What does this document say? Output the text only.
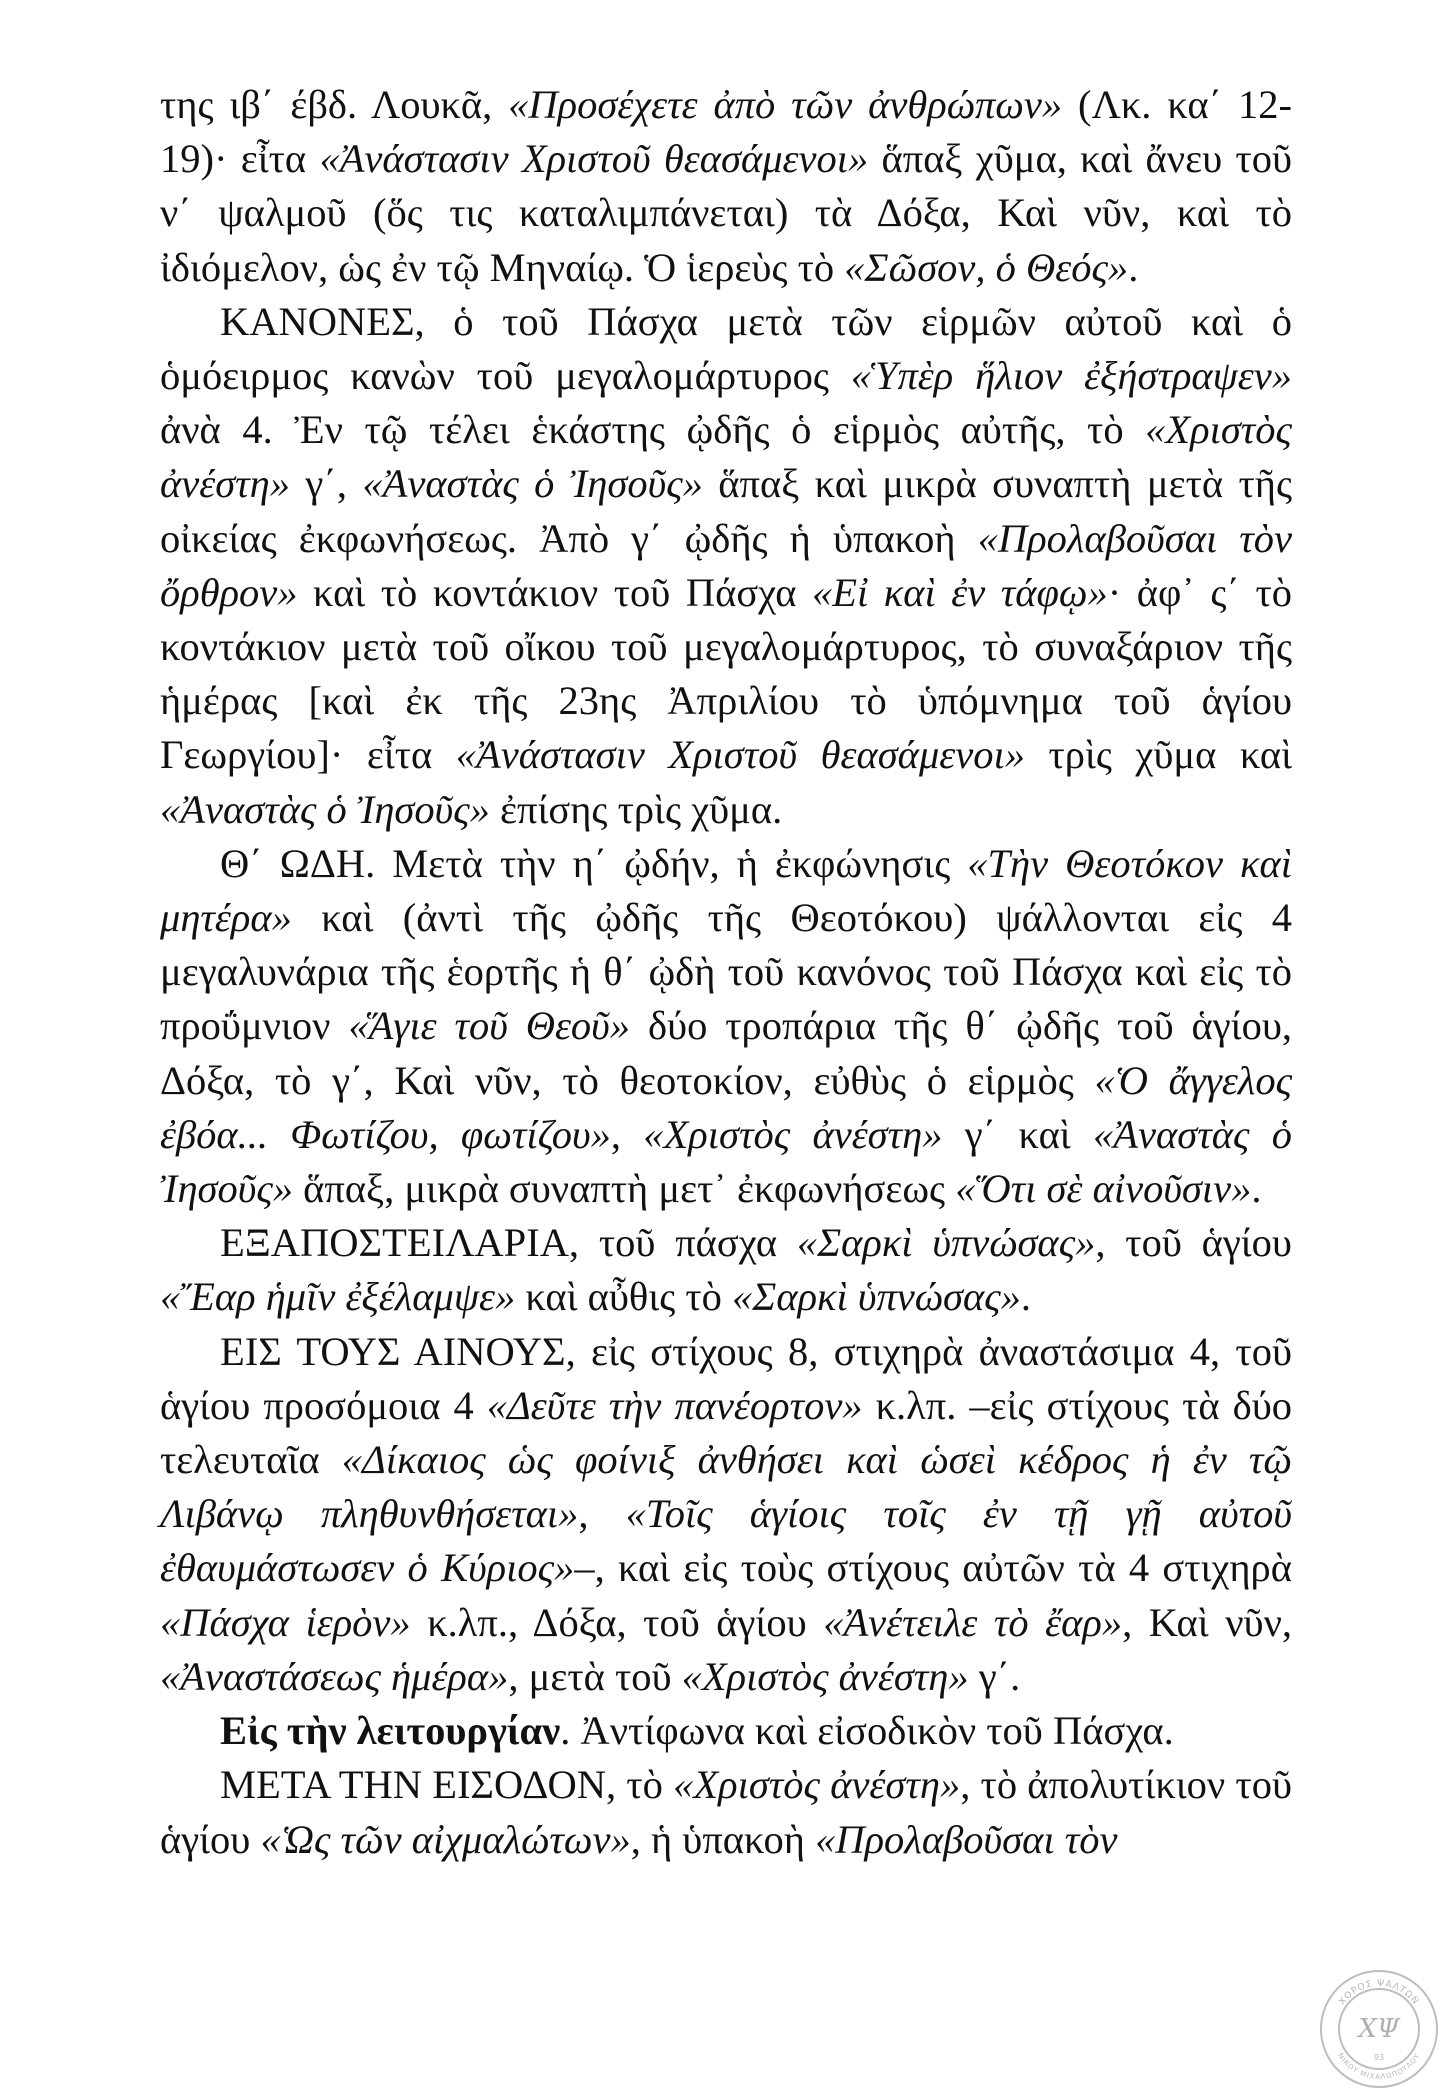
της ιβ΄ έβδ. Λουκᾶ, «Προσέχετε ἀπὸ τῶν ἀνθρώπων» (Λκ. κα΄ 12-19)· εἶτα «Ἀνάστασιν Χριστοῦ θεασάμενοι» ἅπαξ χῦμα, καὶ ἄνευ τοῦ ν΄ ψαλμοῦ (ὅς τις καταλιμπάνεται) τὰ Δόξα, Καὶ νῦν, καὶ τὸ ἰδιόμελον, ὡς ἐν τῷ Μηναίῳ. Ὁ ἱερεὺς τὸ «Σῶσον, ὁ Θεός».

ΚΑΝΟΝΕΣ, ὁ τοῦ Πάσχα μετὰ τῶν εἱρμῶν αὐτοῦ καὶ ὁ ὁμόειρμος κανὼν τοῦ μεγαλομάρτυρος «Ὑπὲρ ἥλιον ἐξήστραψεν» ἀνὰ 4. Ἐν τῷ τέλει ἑκάστης ᾠδῆς ὁ εἱρμὸς αὐτῆς, τὸ «Χριστὸς ἀνέστη» γ΄, «Ἀναστὰς ὁ Ἰησοῦς» ἅπαξ καὶ μικρὰ συναπτὴ μετὰ τῆς οἰκείας ἐκφωνήσεως. Ἀπὸ γ΄ ᾠδῆς ἡ ὑπακοὴ «Προλαβοῦσαι τὸν ὄρθρον» καὶ τὸ κοντάκιον τοῦ Πάσχα «Εἰ καὶ ἐν τάφῳ»· ἀφ᾽ ς΄ τὸ κοντάκιον μετὰ τοῦ οἴκου τοῦ μεγαλομάρτυρος, τὸ συναξάριον τῆς ἡμέρας [καὶ ἐκ τῆς 23ης Ἀπριλίου τὸ ὑπόμνημα τοῦ ἁγίου Γεωργίου]· εἶτα «Ἀνάστασιν Χριστοῦ θεασάμενοι» τρὶς χῦμα καὶ «Ἀναστὰς ὁ Ἰησοῦς» ἐπίσης τρὶς χῦμα.

Θ΄ ΩΔΗ. Μετὰ τὴν η΄ ᾠδήν, ἡ ἐκφώνησις «Τὴν Θεοτόκον καὶ μητέρα» καὶ (ἀντὶ τῆς ᾠδῆς τῆς Θεοτόκου) ψάλλονται εἰς 4 μεγαλυνάρια τῆς ἑορτῆς ἡ θ΄ ᾠδὴ τοῦ κανόνος τοῦ Πάσχα καὶ εἰς τὸ προΰμνιον «Ἅγιε τοῦ Θεοῦ» δύο τροπάρια τῆς θ΄ ᾠδῆς τοῦ ἁγίου, Δόξα, τὸ γ΄, Καὶ νῦν, τὸ θεοτοκίον, εὐθὺς ὁ εἱρμὸς «Ὁ ἄγγελος ἐβόα... Φωτίζου, φωτίζου», «Χριστὸς ἀνέστη» γ΄ καὶ «Ἀναστὰς ὁ Ἰησοῦς» ἅπαξ, μικρὰ συναπτὴ μετ᾽ ἐκφωνήσεως «Ὅτι σὲ αἰνοῦσιν».

ΕΞΑΠΟΣΤΕΙΛΑΡΙΑ, τοῦ πάσχα «Σαρκὶ ὑπνώσας», τοῦ ἁγίου «Ἔαρ ἡμῖν ἐξέλαμψε» καὶ αὖθις τὸ «Σαρκὶ ὑπνώσας».

ΕΙΣ ΤΟΥΣ ΑΙΝΟΥΣ, εἰς στίχους 8, στιχηρὰ ἀναστάσιμα 4, τοῦ ἁγίου προσόμοια 4 «Δεῦτε τὴν πανέορτον» κ.λπ. –εἰς στίχους τὰ δύο τελευταῖα «Δίκαιος ὡς φοίνιξ ἀνθήσει καὶ ὡσεὶ κέδρος ἡ ἐν τῷ Λιβάνῳ πληθυνθήσεται», «Τοῖς ἁγίοις τοῖς ἐν τῇ γῇ αὐτοῦ ἐθαυμάστωσεν ὁ Κύριος»–, καὶ εἰς τοὺς στίχους αὐτῶν τὰ 4 στιχηρὰ «Πάσχα ἱερὸν» κ.λπ., Δόξα, τοῦ ἁγίου «Ἀνέτειλε τὸ ἔαρ», Καὶ νῦν, «Ἀναστάσεως ἡμέρα», μετὰ τοῦ «Χριστὸς ἀνέστη» γ΄.

Εἰς τὴν λειτουργίαν. Ἀντίφωνα καὶ εἰσοδικὸν τοῦ Πάσχα.

ΜΕΤΑ ΤΗΝ ΕΙΣΟΔΟΝ, τὸ «Χριστὸς ἀνέστη», τὸ ἀπολυτίκιον τοῦ ἁγίου «Ὡς τῶν αἰχμαλώτων», ἡ ὑπακοὴ «Προλαβοῦσαι τὸν

ΧΟΡΟΣ ΨΑΛΤΩΝ
ΝΙΚΟΥ ΜΙΧΑΛΟΠΟΥΛΟΥ
ΧΨ
93
